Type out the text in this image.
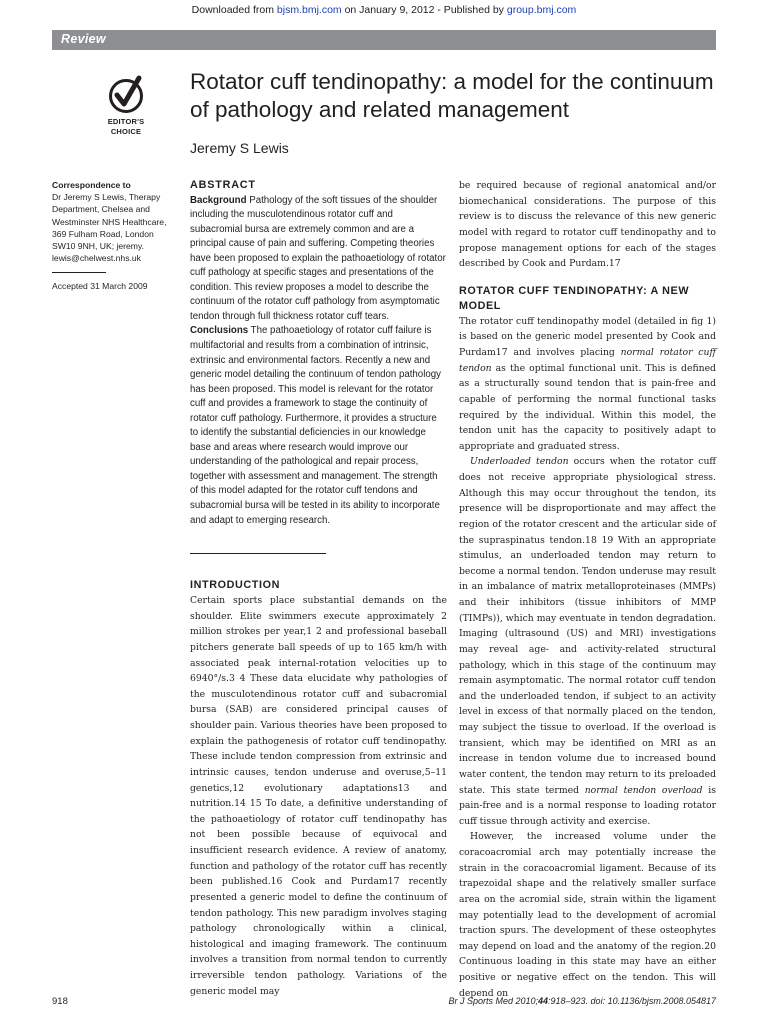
Downloaded from bjsm.bmj.com on January 9, 2012 - Published by group.bmj.com
Review
EDITOR'S
CHOICE
Rotator cuff tendinopathy: a model for the continuum of pathology and related management
Jeremy S Lewis
Correspondence to
Dr Jeremy S Lewis, Therapy
Department, Chelsea and
Westminster NHS Healthcare,
369 Fulham Road, London
SW10 9NH, UK; jeremy.
lewis@chelwest.nhs.uk
Accepted 31 March 2009

ABSTRACT

Background Pathology of the soft tissues of the shoulder including the musculotendinous rotator cuff and subacromial bursa are extremely common and are a principal cause of pain and suffering. Competing theories have been proposed to explain the pathoaetiology of rotator cuff pathology at specific stages and presentations of the condition. This review proposes a model to describe the continuum of the rotator cuff pathology from asymptomatic tendon through full thickness rotator cuff tears.

Conclusions The pathoaetiology of rotator cuff failure is multifactorial and results from a combination of intrinsic, extrinsic and environmental factors. Recently a new and generic model detailing the continuum of tendon pathology has been proposed. This model is relevant for the rotator cuff and provides a framework to stage the continuity of rotator cuff pathology. Furthermore, it provides a structure to identify the substantial deficiencies in our knowledge base and areas where research would improve our understanding of the pathological and repair process, together with assessment and management. The strength of this model adapted for the rotator cuff tendons and subacromial bursa will be tested in its ability to incorporate and adapt to emerging research.

INTRODUCTION

Certain sports place substantial demands on the shoulder. Elite swimmers execute approximately 2 million strokes per year,1 2 and professional baseball pitchers generate ball speeds of up to 165 km/h with associated peak internal-rotation velocities up to 6940°/s.3 4 These data elucidate why pathologies of the musculotendinous rotator cuff and subacromial bursa (SAB) are considered principal causes of shoulder pain. Various theories have been proposed to explain the pathogenesis of rotator cuff tendinopathy. These include tendon compression from extrinsic and intrinsic causes, tendon underuse and overuse,5–11 genetics,12 evolutionary adaptations13 and nutrition.14 15 To date, a definitive understanding of the pathoaetiology of rotator cuff tendinopathy has not been possible because of equivocal and insufficient research evidence. A review of anatomy, function and pathology of the rotator cuff has recently been published.16 Cook and Purdam17 recently presented a generic model to define the continuum of tendon pathology. This new paradigm involves staging pathology chronologically within a clinical, histological and imaging framework. The continuum involves a transition from normal tendon to currently irreversible tendon pathology. Variations of the generic model may

be required because of regional anatomical and/or biomechanical considerations. The purpose of this review is to discuss the relevance of this new generic model with regard to rotator cuff tendinopathy and to propose management options for each of the stages described by Cook and Purdam.17

ROTATOR CUFF TENDINOPATHY: A NEW MODEL

The rotator cuff tendinopathy model (detailed in fig 1) is based on the generic model presented by Cook and Purdam17 and involves placing normal rotator cuff tendon as the optimal functional unit. This is defined as a structurally sound tendon that is pain-free and capable of performing the normal functional tasks required by the individual. Within this model, the tendon unit has the capacity to positively adapt to appropriate and graduated stress.

Underloaded tendon occurs when the rotator cuff does not receive appropriate physiological stress. Although this may occur throughout the tendon, its presence will be disproportionate and may affect the region of the rotator crescent and the articular side of the supraspinatus tendon.18 19 With an appropriate stimulus, an underloaded tendon may return to become a normal tendon. Tendon underuse may result in an imbalance of matrix metalloproteinases (MMPs) and their inhibitors (tissue inhibitors of MMP (TIMPs)), which may eventuate in tendon degradation. Imaging (ultrasound (US) and MRI) investigations may reveal age- and activity-related structural pathology, which in this stage of the continuum may remain asymptomatic. The normal rotator cuff tendon and the underloaded tendon, if subject to an activity level in excess of that normally placed on the tendon, may subject the tissue to overload. If the overload is transient, which may be identified on MRI as an increase in tendon volume due to increased bound water content, the tendon may return to its preloaded state. This state termed normal tendon overload is pain-free and is a normal response to loading rotator cuff tissue through activity and exercise.

However, the increased volume under the coracoacromial arch may potentially increase the strain in the coracoacromial ligament. Because of its trapezoidal shape and the relatively smaller surface area on the acromial side, strain within the ligament may potentially lead to the development of acromial traction spurs. The development of these osteophytes may depend on load and the anatomy of the region.20 Continuous loading in this state may have an either positive or negative effect on the tendon. This will depend on

918	Br J Sports Med 2010;44:918–923. doi: 10.1136/bjsm.2008.054817
